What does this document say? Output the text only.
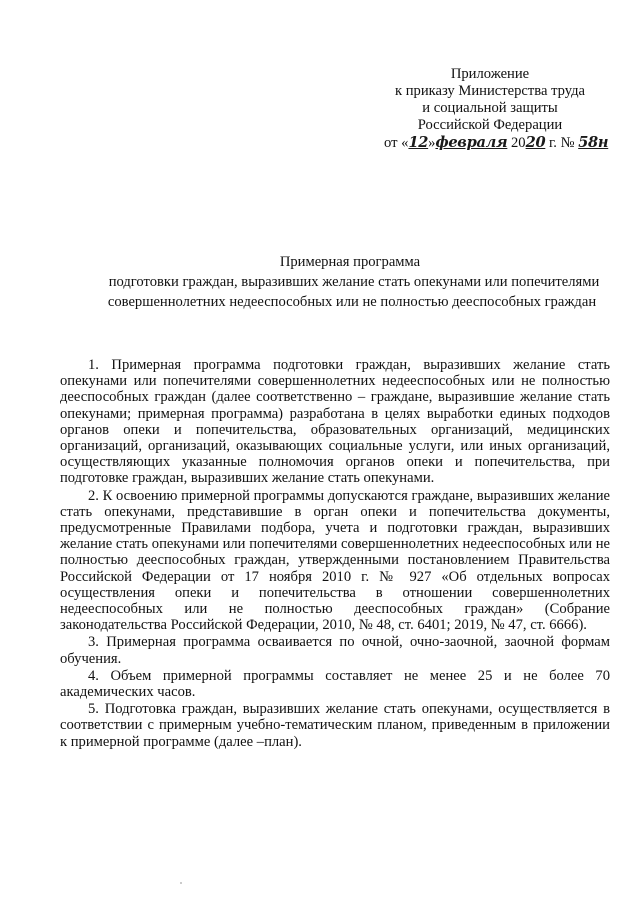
Приложение
к приказу Министерства труда
и социальной защиты
Российской Федерации
от «12»февраля 2020 г. № 58н
Примерная программа
подготовки граждан, выразивших желание стать опекунами или попечителями
совершеннолетних недееспособных или не полностью дееспособных граждан

1. Примерная программа подготовки граждан, выразивших желание стать опекунами или попечителями совершеннолетних недееспособных или не полностью дееспособных граждан (далее соответственно – граждане, выразившие желание стать опекунами; примерная программа) разработана в целях выработки единых подходов органов опеки и попечительства, образовательных организаций, медицинских организаций, организаций, оказывающих социальные услуги, или иных организаций, осуществляющих указанные полномочия органов опеки и попечительства, при подготовке граждан, выразивших желание стать опекунами.

2. К освоению примерной программы допускаются граждане, выразивших желание стать опекунами, представившие в орган опеки и попечительства документы, предусмотренные Правилами подбора, учета и подготовки граждан, выразивших желание стать опекунами или попечителями совершеннолетних недееспособных или не полностью дееспособных граждан, утвержденными постановлением Правительства Российской Федерации от 17 ноября 2010 г. № 927 «Об отдельных вопросах осуществления опеки и попечительства в отношении совершеннолетних недееспособных или не полностью дееспособных граждан» (Собрание законодательства Российской Федерации, 2010, № 48, ст. 6401; 2019, № 47, ст. 6666).

3. Примерная программа осваивается по очной, очно-заочной, заочной формам обучения.

4. Объем примерной программы составляет не менее 25 и не более 70 академических часов.

5. Подготовка граждан, выразивших желание стать опекунами, осуществляется в соответствии с примерным учебно-тематическим планом, приведенным в приложении к примерной программе (далее –план).
